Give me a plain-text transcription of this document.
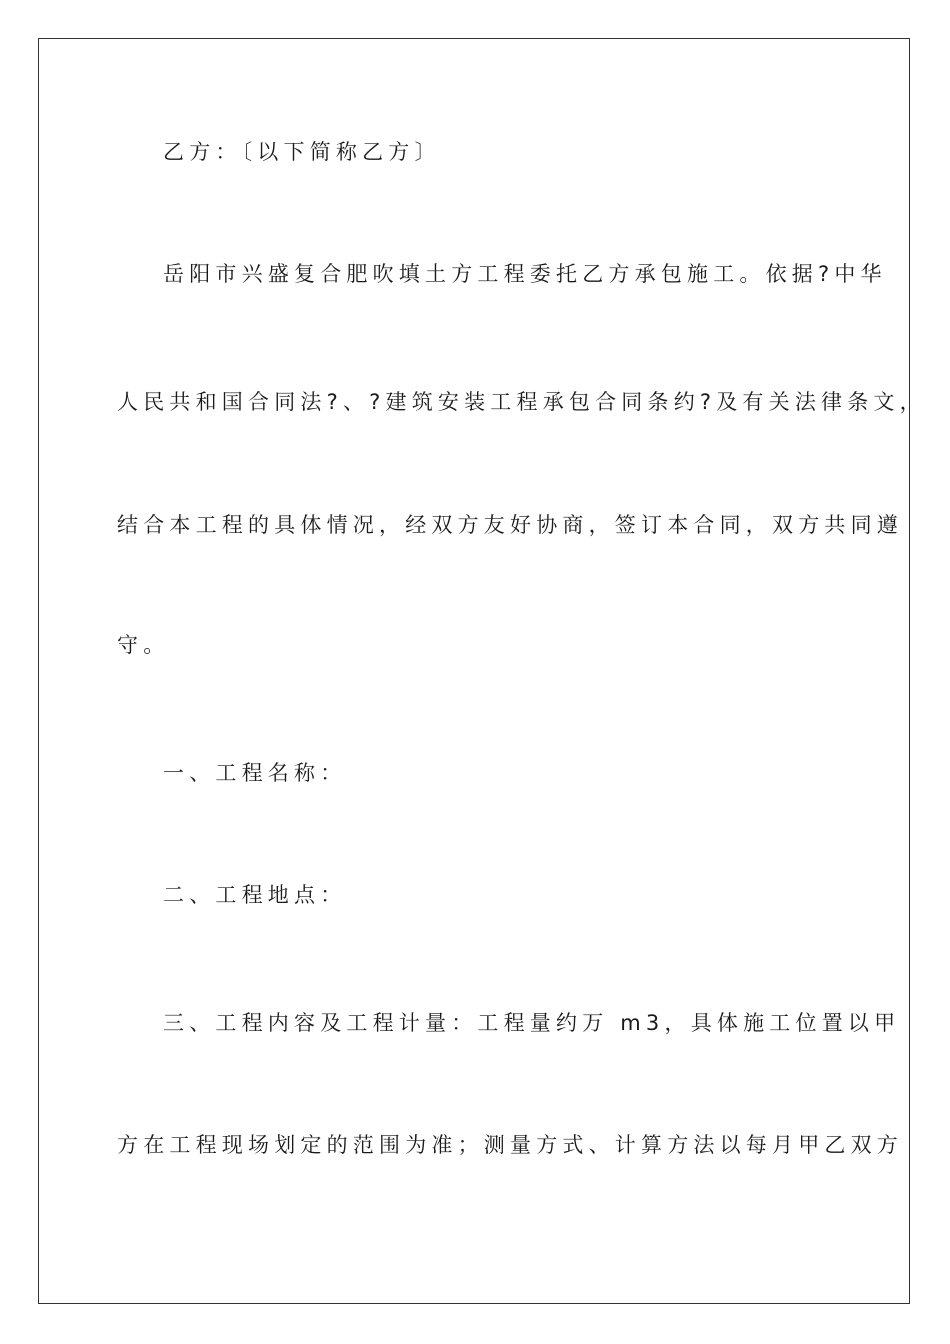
乙方：〔以下简称乙方〕

岳阳市兴盛复合肥吹填土方工程委托乙方承包施工。依据?中华

人民共和国合同法?、?建筑安装工程承包合同条约?及有关法律条文，

结合本工程的具体情况，经双方友好协商，签订本合同，双方共同遵

守。

一、工程名称：

二、工程地点：

三、工程内容及工程计量：工程量约万 m3，具体施工位置以甲

方在工程现场划定的范围为准；测量方式、计算方法以每月甲乙双方
